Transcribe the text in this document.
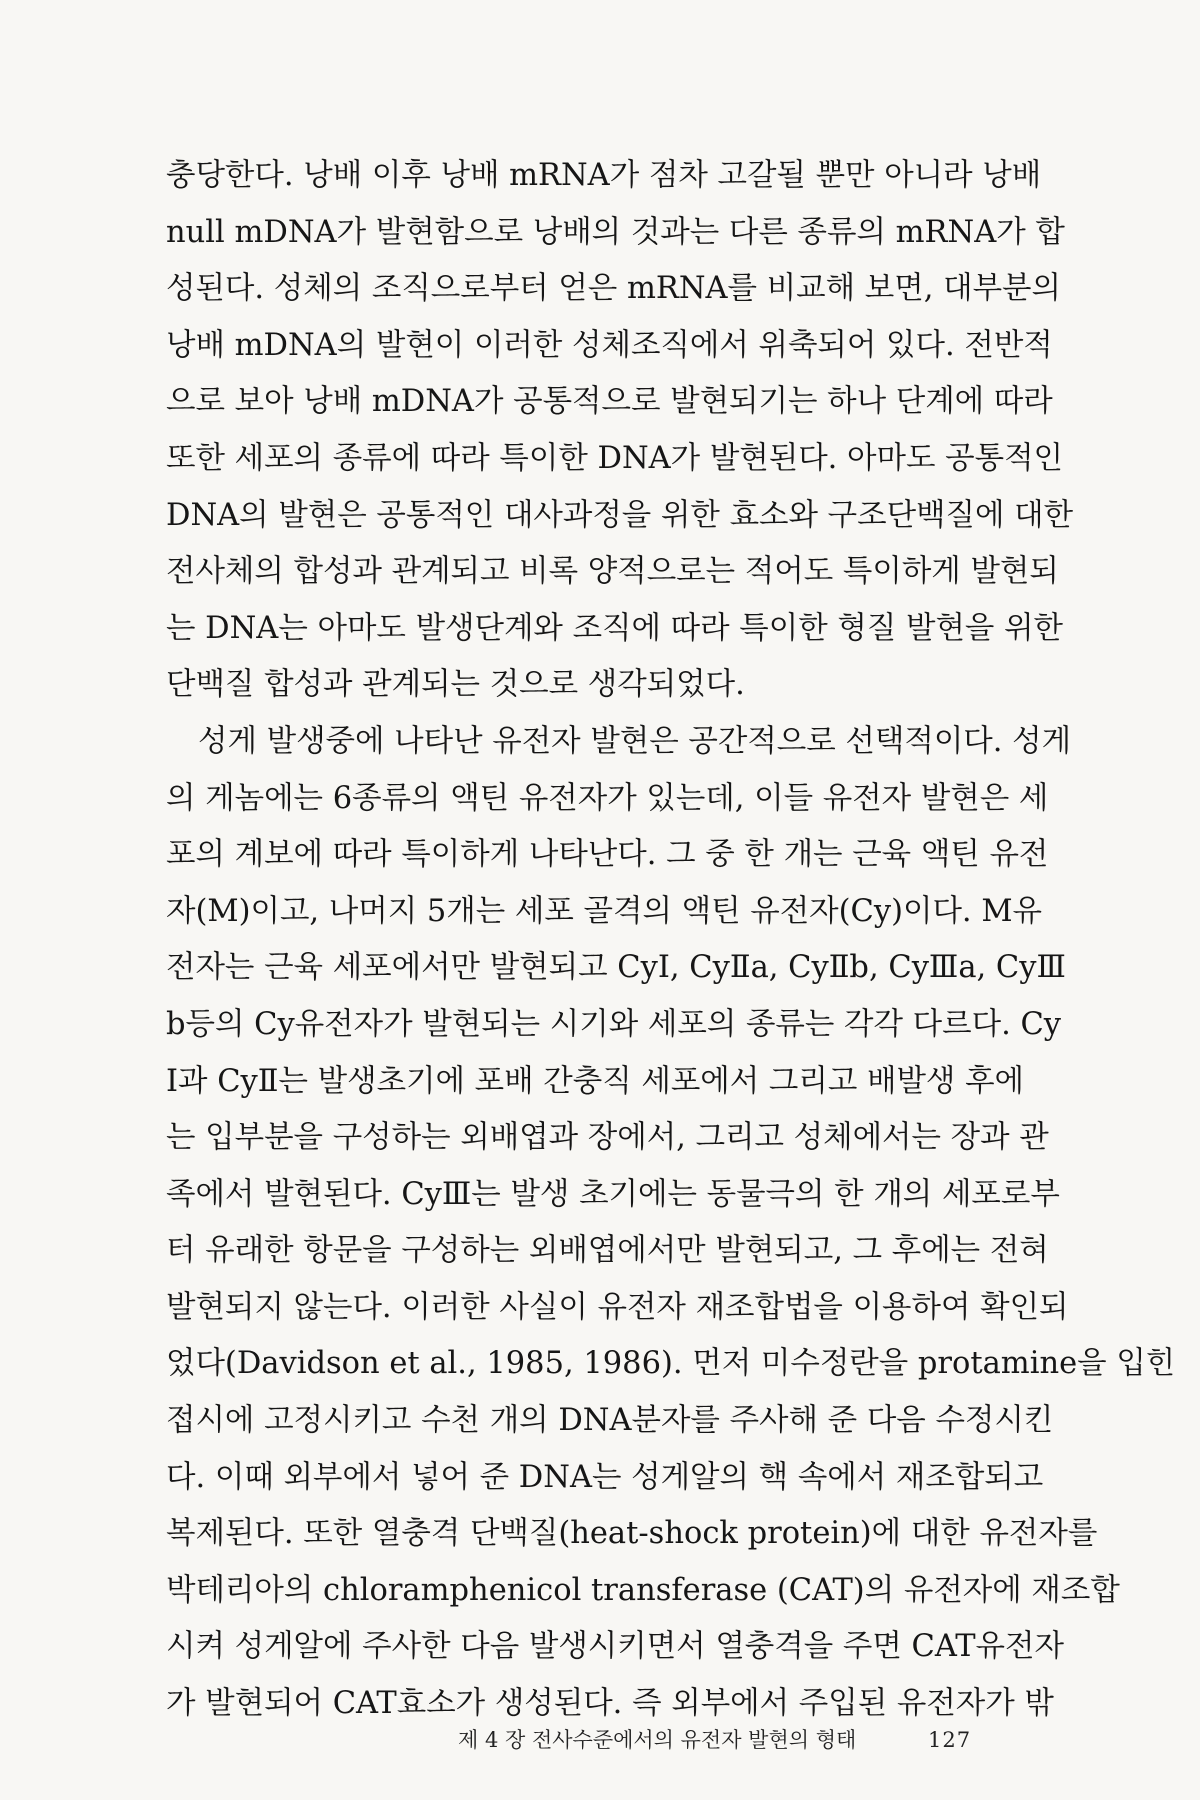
충당한다. 낭배 이후 낭배 mRNA가 점차 고갈될 뿐만 아니라 낭배
null mDNA가 발현함으로 낭배의 것과는 다른 종류의 mRNA가 합
성된다. 성체의 조직으로부터 얻은 mRNA를 비교해 보면, 대부분의
낭배 mDNA의 발현이 이러한 성체조직에서 위축되어 있다. 전반적
으로 보아 낭배 mDNA가 공통적으로 발현되기는 하나 단계에 따라
또한 세포의 종류에 따라 특이한 DNA가 발현된다. 아마도 공통적인
DNA의 발현은 공통적인 대사과정을 위한 효소와 구조단백질에 대한
전사체의 합성과 관계되고 비록 양적으로는 적어도 특이하게 발현되
는 DNA는 아마도 발생단계와 조직에 따라 특이한 형질 발현을 위한
단백질 합성과 관계되는 것으로 생각되었다.
성게 발생중에 나타난 유전자 발현은 공간적으로 선택적이다. 성게
의 게놈에는 6종류의 액틴 유전자가 있는데, 이들 유전자 발현은 세
포의 계보에 따라 특이하게 나타난다. 그 중 한 개는 근육 액틴 유전
자(M)이고, 나머지 5개는 세포 골격의 액틴 유전자(Cy)이다. M유
전자는 근육 세포에서만 발현되고 CyⅠ, CyⅡa, CyⅡb, CyⅢa, CyⅢ
b등의 Cy유전자가 발현되는 시기와 세포의 종류는 각각 다르다. Cy
Ⅰ과 CyⅡ는 발생초기에 포배 간충직 세포에서 그리고 배발생 후에
는 입부분을 구성하는 외배엽과 장에서, 그리고 성체에서는 장과 관
족에서 발현된다. CyⅢ는 발생 초기에는 동물극의 한 개의 세포로부
터 유래한 항문을 구성하는 외배엽에서만 발현되고, 그 후에는 전혀
발현되지 않는다. 이러한 사실이 유전자 재조합법을 이용하여 확인되
었다(Davidson et al., 1985, 1986). 먼저 미수정란을 protamine을 입힌
접시에 고정시키고 수천 개의 DNA분자를 주사해 준 다음 수정시킨
다. 이때 외부에서 넣어 준 DNA는 성게알의 핵 속에서 재조합되고
복제된다. 또한 열충격 단백질(heat-shock protein)에 대한 유전자를
박테리아의 chloramphenicol transferase (CAT)의 유전자에 재조합
시켜 성게알에 주사한 다음 발생시키면서 열충격을 주면 CAT유전자
가 발현되어 CAT효소가 생성된다. 즉 외부에서 주입된 유전자가 밖
제 4 장 전사수준에서의 유전자 발현의 형태	127
